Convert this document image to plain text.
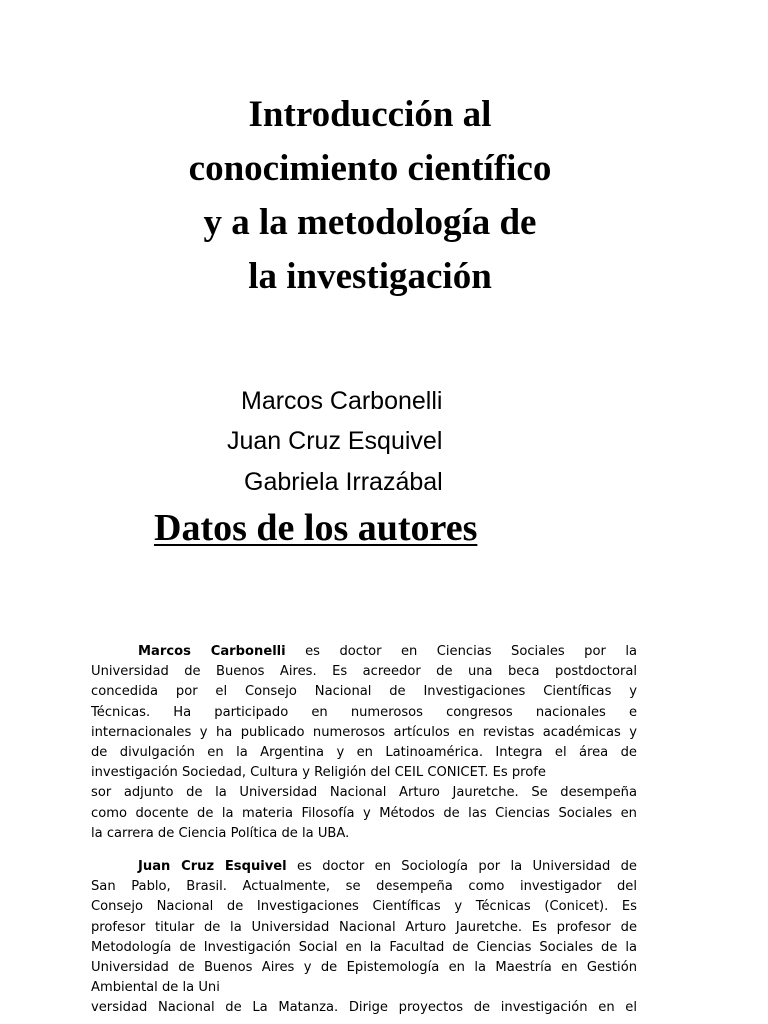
Introducción al
conocimiento científico
y a la metodología de
la investigación

Marcos Carbonelli

Juan Cruz Esquivel

Gabriela Irrazábal

Datos de los autores
Marcos Carbonelli es doctor en Ciencias Sociales por la
Universidad de Buenos Aires. Es acreedor de una beca postdoctoral
concedida por el Consejo Nacional de Investigaciones Científicas y
Técnicas. Ha participado en numerosos congresos nacionales e
internacionales y ha publicado numerosos artículos en revistas académicas y
de divulgación en la Argentina y en Latinoamérica. Integra el área de
investigación Sociedad, Cultura y Religión del CEIL CONICET. Es profe
sor adjunto de la Universidad Nacional Arturo Jauretche. Se desempeña
como docente de la materia Filosofía y Métodos de las Ciencias Sociales en
la carrera de Ciencia Política de la UBA.
Juan Cruz Esquivel es doctor en Sociología por la Universidad de
San Pablo, Brasil. Actualmente, se desempeña como investigador del
Consejo Nacional de Investigaciones Científicas y Técnicas (Conicet). Es
profesor titular de la Universidad Nacional Arturo Jauretche. Es profesor de
Metodología de Investigación Social en la Facultad de Ciencias Sociales de la
Universidad de Buenos Aires y de Epistemología en la Maestría en Gestión
Ambiental de la Uni
versidad Nacional de La Matanza. Dirige proyectos de investigación en el
